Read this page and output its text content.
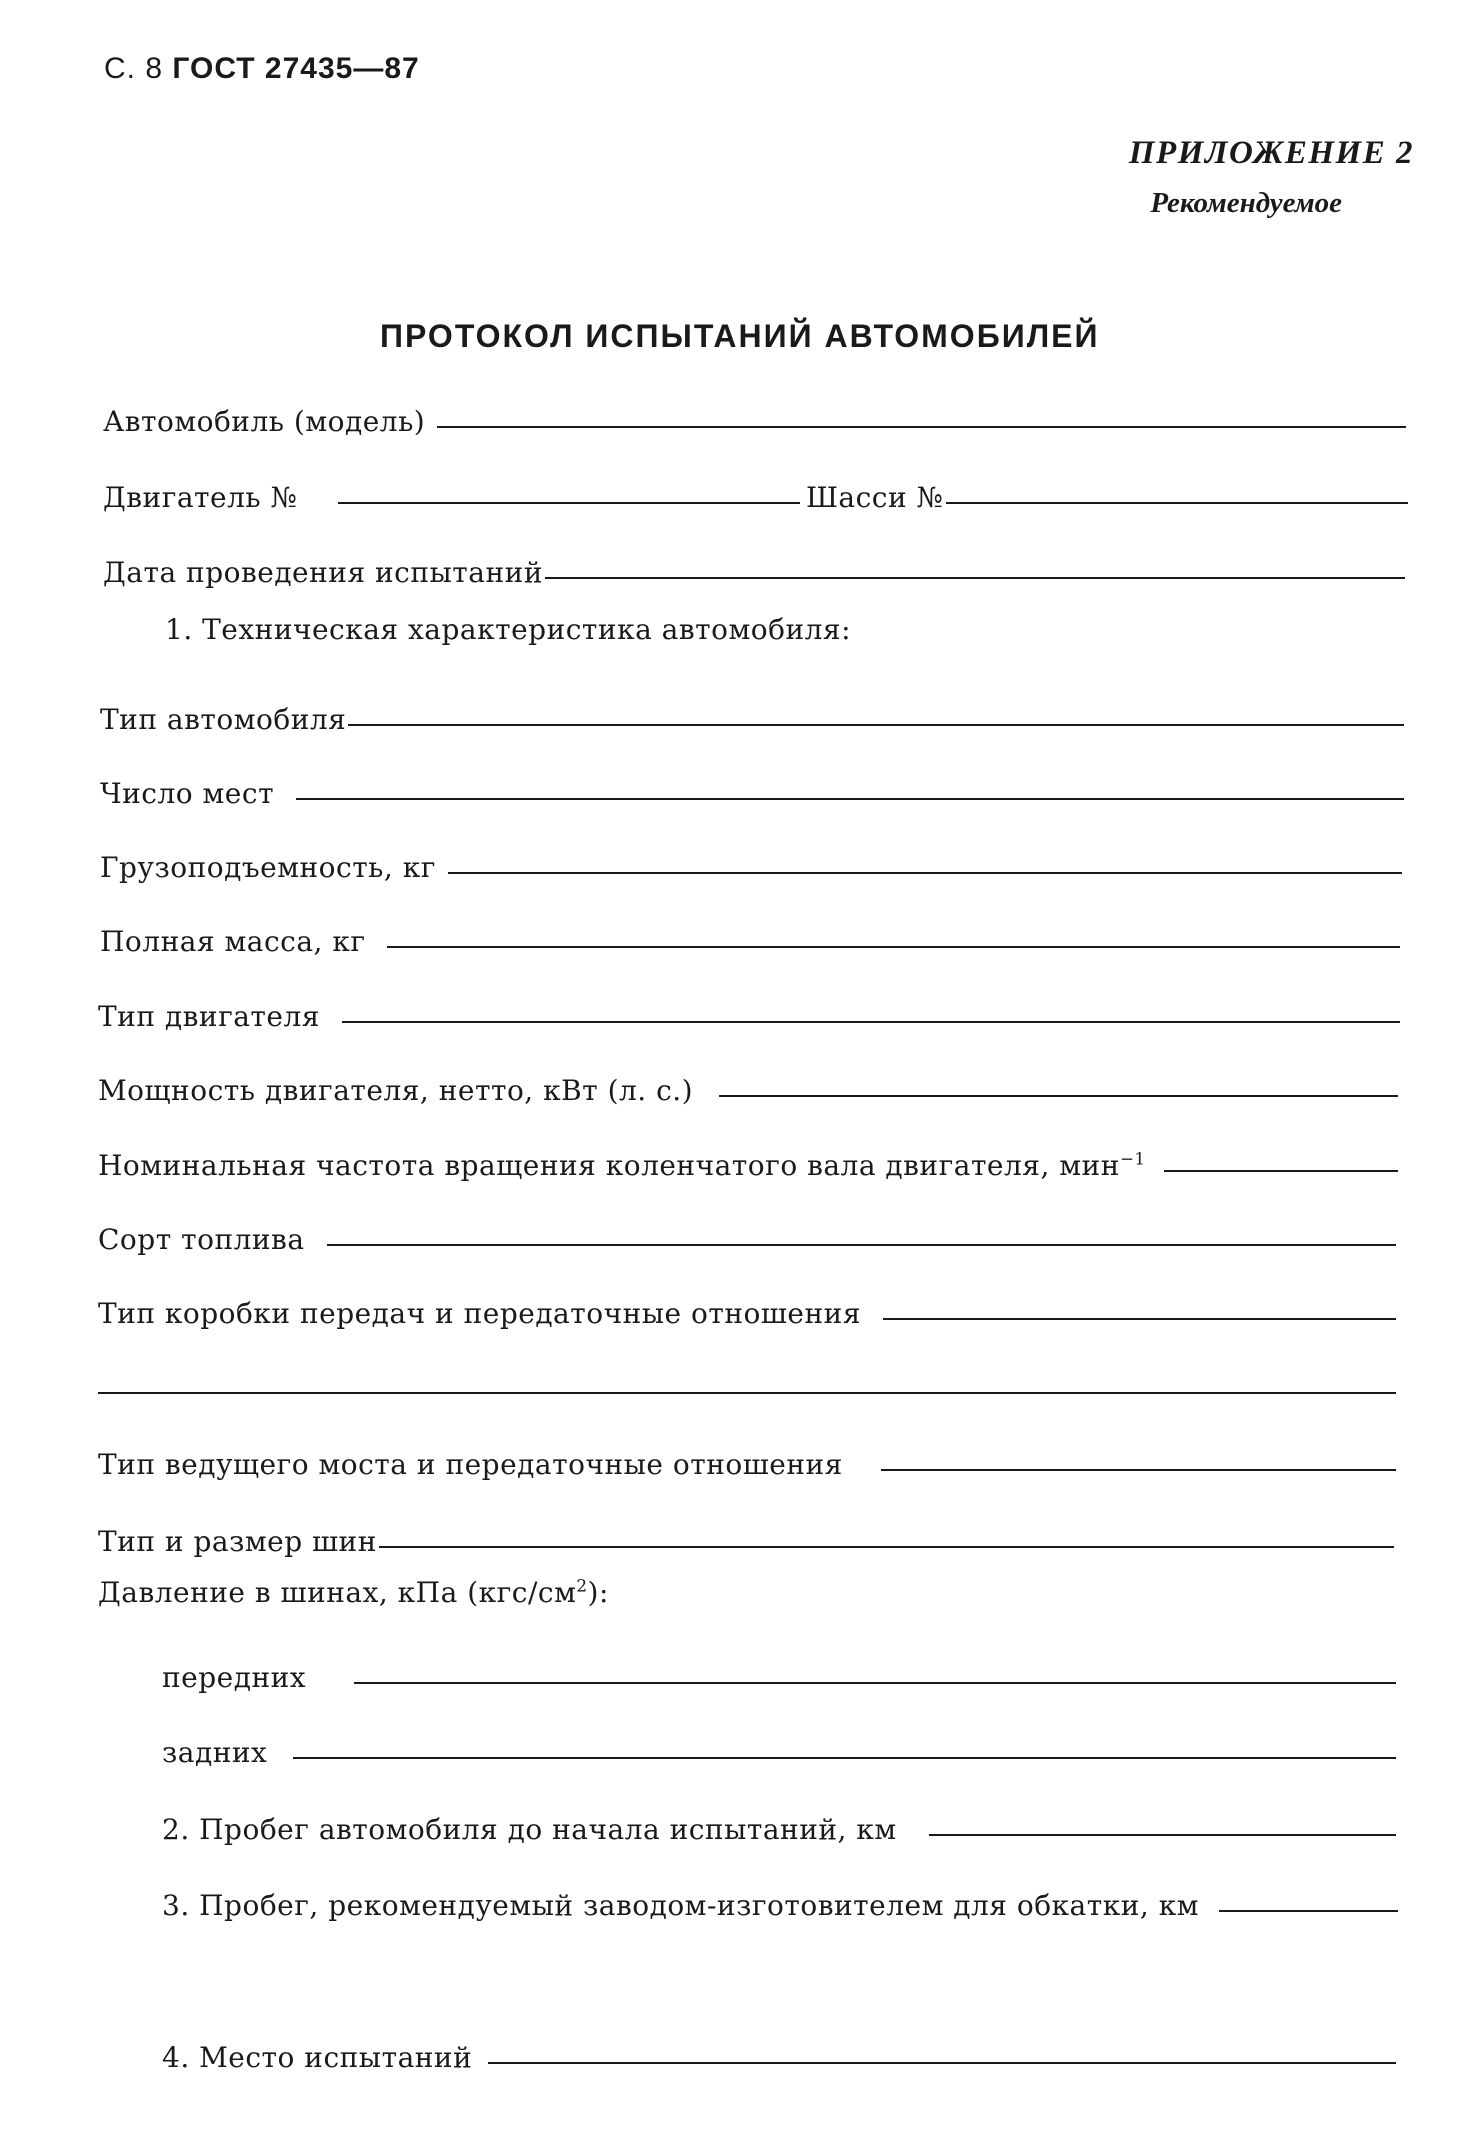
С. 8 ГОСТ 27435—87
ПРИЛОЖЕНИЕ 2
Рекомендуемое
ПРОТОКОЛ ИСПЫТАНИЙ АВТОМОБИЛЕЙ
Автомобиль (модель)
Двигатель №	Шасси №
Дата проведения испытаний
1. Техническая характеристика автомобиля:
Тип автомобиля
Число мест
Грузоподъемность, кг
Полная масса, кг
Тип двигателя
Мощность двигателя, нетто, кВт (л. с.)
Номинальная частота вращения коленчатого вала двигателя, мин$^{-1}$
Сорт топлива
Тип коробки передач и передаточные отношения
Тип ведущего моста и передаточные отношения
Тип и размер шин
Давление в шинах, кПа $(кгс/см^2)$:
передних
задних
2. Пробег автомобиля до начала испытаний, км
3. Пробег, рекомендуемый заводом-изготовителем для обкатки, км
4. Место испытаний
